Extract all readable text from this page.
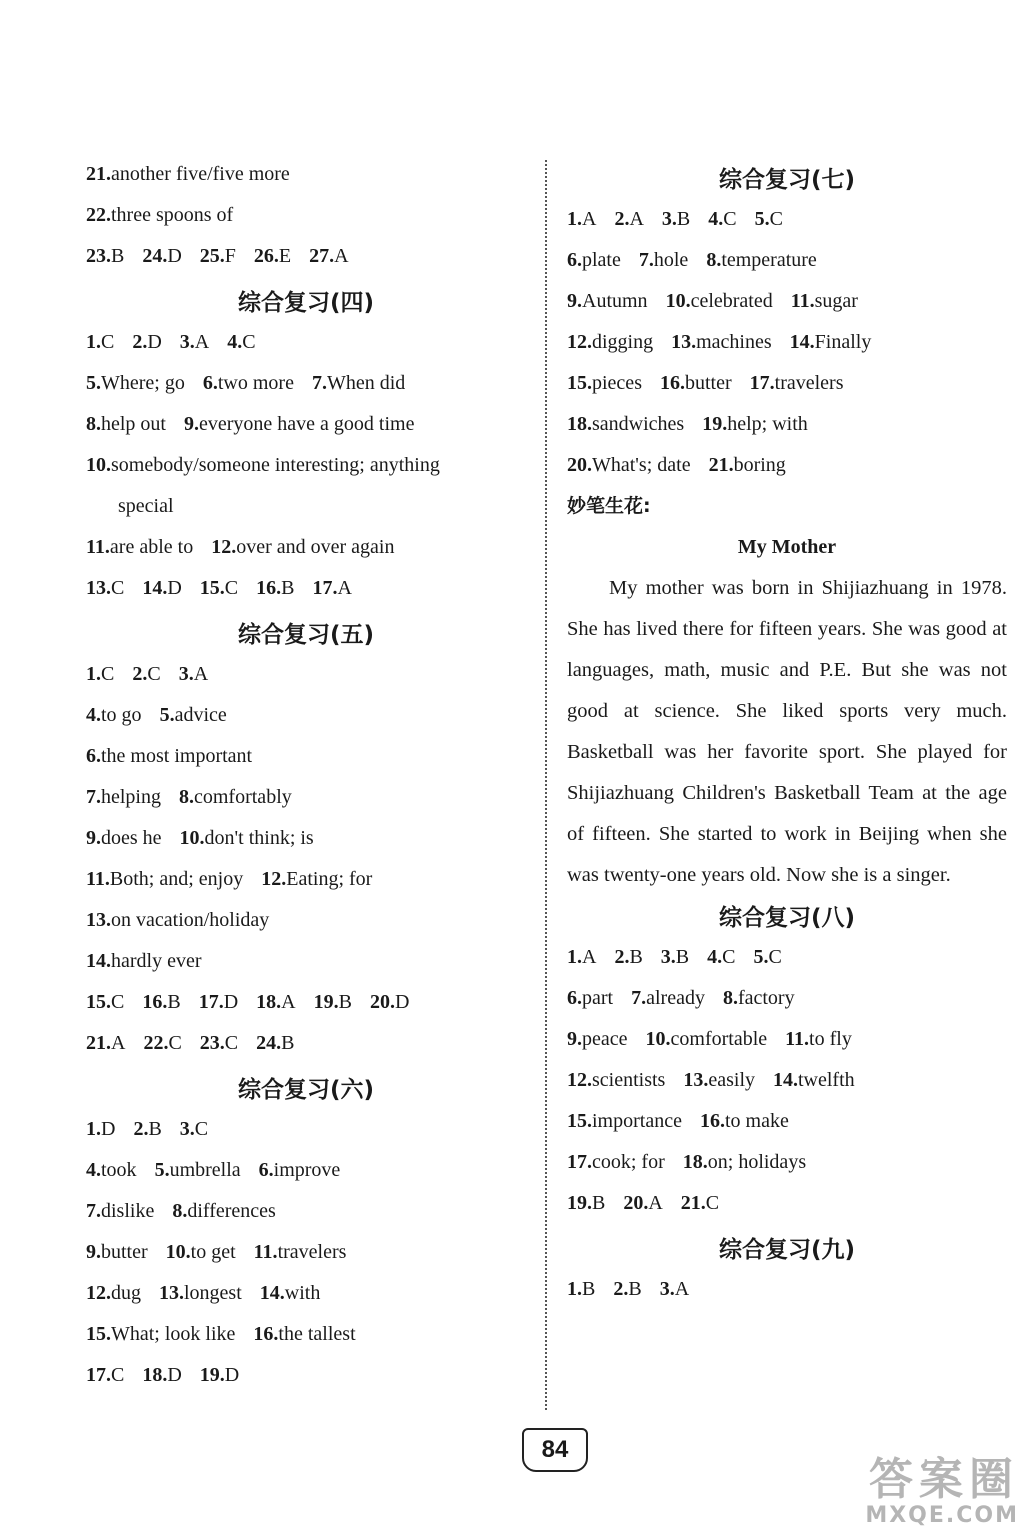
21.another five/five more
22.three spoons of
23.B 24.D 25.F 26.E 27.A
综合复习(四)
1.C 2.D 3.A 4.C
5.Where; go 6.two more 7.When did
8.help out 9.everyone have a good time
10.somebody/someone interesting; anything
special
11.are able to 12.over and over again
13.C 14.D 15.C 16.B 17.A
综合复习(五)
1.C 2.C 3.A
4.to go 5.advice
6.the most important
7.helping 8.comfortably
9.does he 10.don't think; is
11.Both; and; enjoy 12.Eating; for
13.on vacation/holiday
14.hardly ever
15.C 16.B 17.D 18.A 19.B 20.D
21.A 22.C 23.C 24.B
综合复习(六)
1.D 2.B 3.C
4.took 5.umbrella 6.improve
7.dislike 8.differences
9.butter 10.to get 11.travelers
12.dug 13.longest 14.with
15.What; look like 16.the tallest
17.C 18.D 19.D
综合复习(七)
1.A 2.A 3.B 4.C 5.C
6.plate 7.hole 8.temperature
9.Autumn 10.celebrated 11.sugar
12.digging 13.machines 14.Finally
15.pieces 16.butter 17.travelers
18.sandwiches 19.help; with
20.What's; date 21.boring
妙笔生花:
My Mother
My mother was born in Shijiazhuang in 1978. She has lived there for fifteen years. She was good at languages, math, music and P.E. But she was not good at science. She liked sports very much. Basketball was her favorite sport. She played for Shijiazhuang Children's Basketball Team at the age of fifteen. She started to work in Beijing when she was twenty-one years old. Now she is a singer.
综合复习(八)
1.A 2.B 3.B 4.C 5.C
6.part 7.already 8.factory
9.peace 10.comfortable 11.to fly
12.scientists 13.easily 14.twelfth
15.importance 16.to make
17.cook; for 18.on; holidays
19.B 20.A 21.C
综合复习(九)
1.B 2.B 3.A
84
答案圈
MXQE.COM
